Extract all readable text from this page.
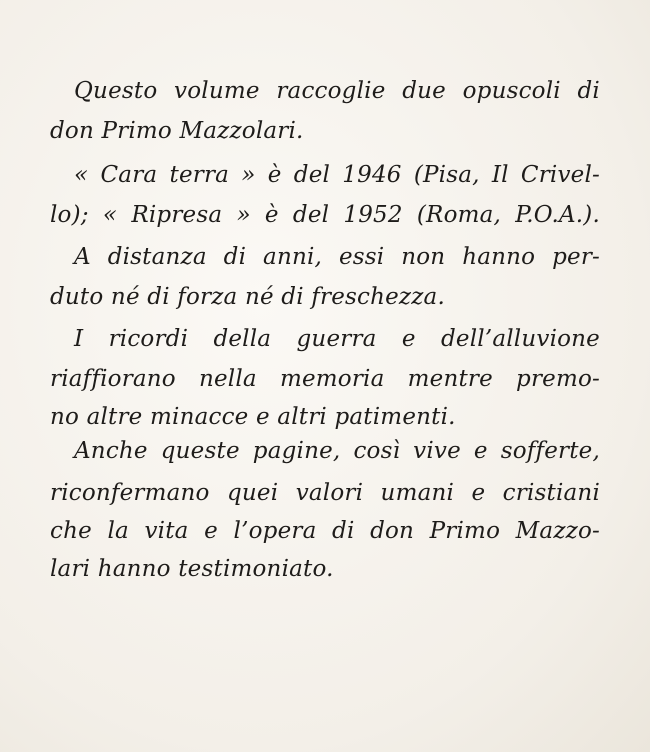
Questo volume raccoglie due opuscoli di
don Primo Mazzolari.
« Cara terra » è del 1946 (Pisa, Il Crivel-
lo); « Ripresa » è del 1952 (Roma, P.O.A.).
A distanza di anni, essi non hanno per-
duto né di forza né di freschezza.
I ricordi della guerra e dell’alluvione
riaffiorano nella memoria mentre premo-
no altre minacce e altri patimenti.
Anche queste pagine, così vive e sofferte,
riconfermano quei valori umani e cristiani
che la vita e l’opera di don Primo Mazzo-
lari hanno testimoniato.
